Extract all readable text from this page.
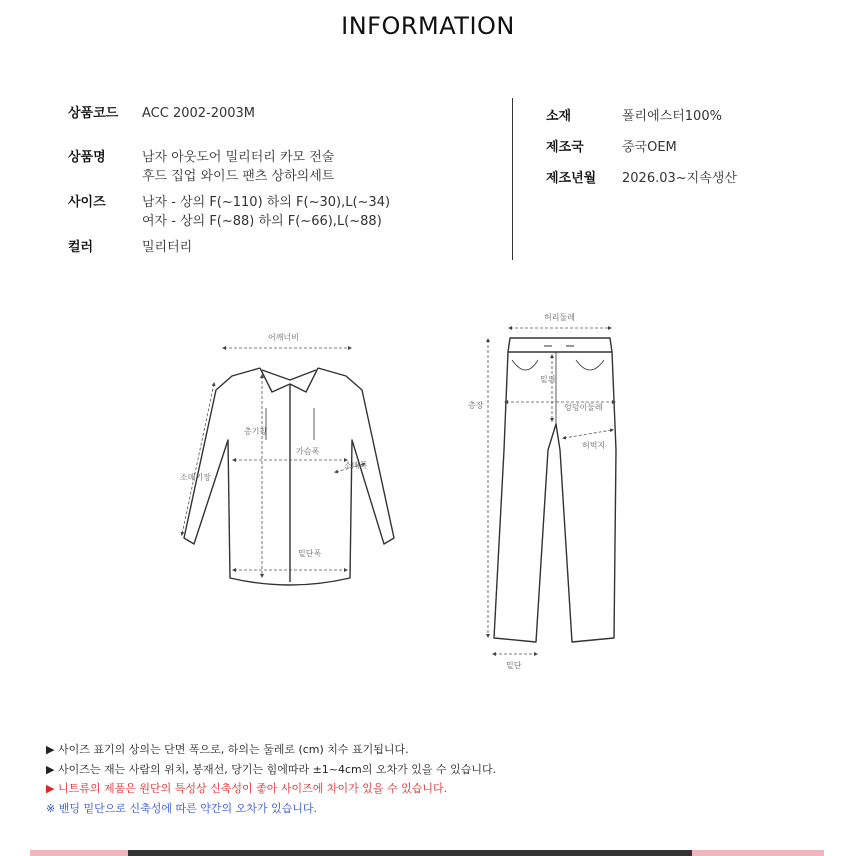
INFORMATION
상품코드 ACC 2002-2003M
상품명	남자 아웃도어 밀리터리 카모 전술
후드 집업 와이드 팬츠 상하의세트
사이즈	남자 - 상의 F(~110) 하의 F(~30),L(~34)
여자 - 상의 F(~88) 하의 F(~66),L(~88)
컬러	밀리터리
소재	폴리에스터100%
제조국	중국OEM
제조년월 2026.03~지속생산
어깨너비
총기장
가슴폭
소매기장
소매폭
밑단폭
허리둘레
밑위
엉덩이둘레
허벅지
총장
밑단
▶ 사이즈 표기의 상의는 단면 폭으로, 하의는 둘레로 (cm) 치수 표기됩니다.
▶ 사이즈는 재는 사람의 위치, 봉재선, 당기는 힘에따라 ±1~4cm의 오차가 있을 수 있습니다.
▶ 니트류의 제품은 원단의 특성상 신축성이 좋아 사이즈에 차이가 있을 수 있습니다.
※ 밴딩 밑단으로 신축성에 따른 약간의 오차가 있습니다.
